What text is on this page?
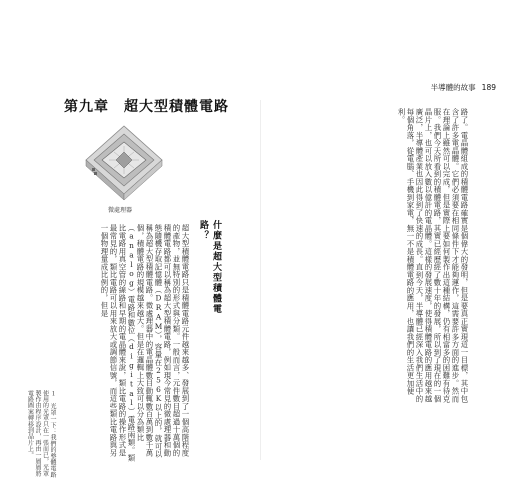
半導體的故事 189
第九章　超大型積體電路
微處理器
什麼是超大型積體電路？
超大型積體電路只是積體電路元件越來越多、發展到了一個高階程度的產物，並無特別的形式與分類。一般而言，元件數目超過十萬個的積體電路都可以稱為超大型積體電路，例如現今常見的微處理器和動態隨機存取記憶體（DRAM），容量在256K以上的，就可以稱為超大型積體電路。微處理器中的電晶體數目動輒數百萬到數千萬個，積體電路的規模越來越大。但是在邏輯上大致可以分為類比（analog）電路和數位（digital）電路兩類。類比電路用真空管的線路和早期的電晶體來說，類比電路的操作形式是最常見的，類比電路可以用來放大或調節信號，而這些類比電路與另一個物理量成比例的，但是
１ 光罩一下：我們的整體電路使用的光罩只在一張而已，光罩製作由程序設計，再由一層層將電路圖案轉移到晶片上。
路了。電晶體組成的積體電路確實是個偉大的發明，但是要真正實現這一目標，其中包含了許多電晶體。它們必須要在相同條件下才能夠運作，這需要許多方面的進步。然而在理論上雖然可以完成，但是實際上要如何製作出這種結構，仍有相當多的困難有待克服。我們今天所看到的積體電路，其實已經歷經了數十年的發展，所以到了現在的一個晶片上，也可以放入數以億計的電晶體。這樣的發展速度，使得積體電路的應用越來越廣泛，半導體產業也因此得到了快速的成長。直到今天，半導體已經深入我們生活中的每個角落，從電腦、手機到家電，無一不是積體電路的應用，也讓我們的生活更加便利。
